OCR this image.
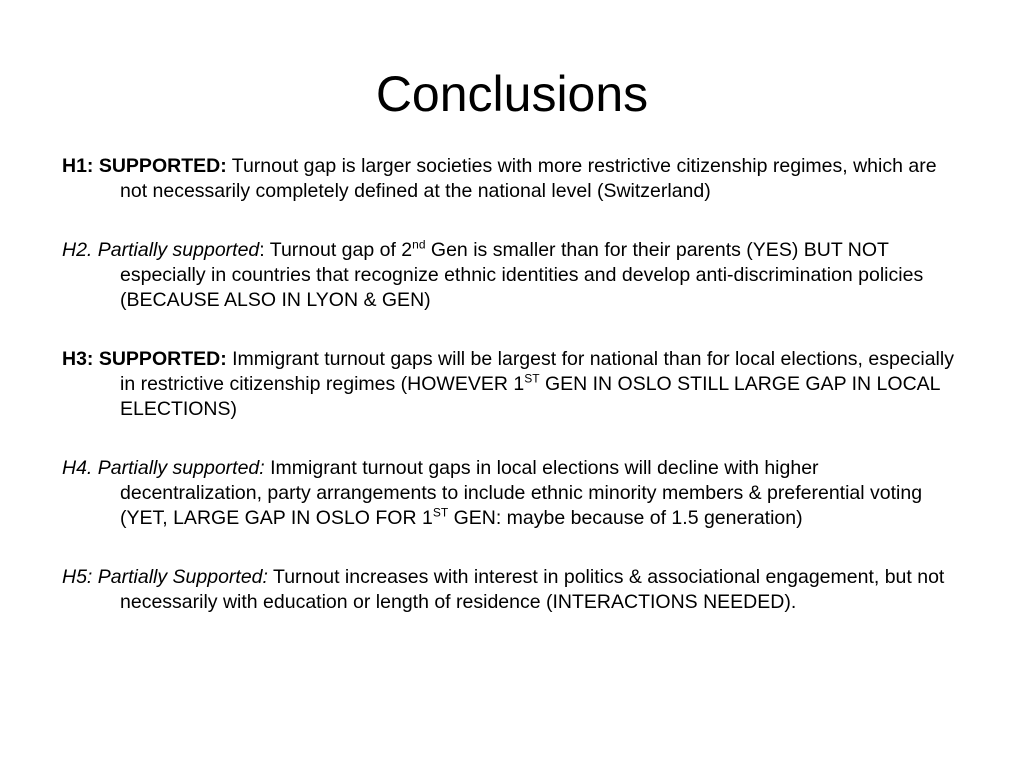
Conclusions

H1: SUPPORTED: Turnout gap is larger societies with more restrictive citizenship regimes, which are not necessarily completely defined at the national level (Switzerland)

H2. Partially supported: Turnout gap of 2nd Gen is smaller than for their parents (YES) BUT NOT especially in countries that recognize ethnic identities and develop anti-discrimination policies (BECAUSE ALSO IN LYON & GEN)

H3: SUPPORTED: Immigrant turnout gaps will be largest for national than for local elections, especially in restrictive citizenship regimes (HOWEVER 1ST GEN IN OSLO STILL LARGE GAP IN LOCAL ELECTIONS)

H4. Partially supported: Immigrant turnout gaps in local elections will decline with higher decentralization, party arrangements to include ethnic minority members & preferential voting (YET, LARGE GAP IN OSLO FOR 1ST GEN: maybe because of 1.5 generation)

H5: Partially Supported: Turnout increases with interest in politics & associational engagement, but not necessarily with education or length of residence (INTERACTIONS NEEDED).
